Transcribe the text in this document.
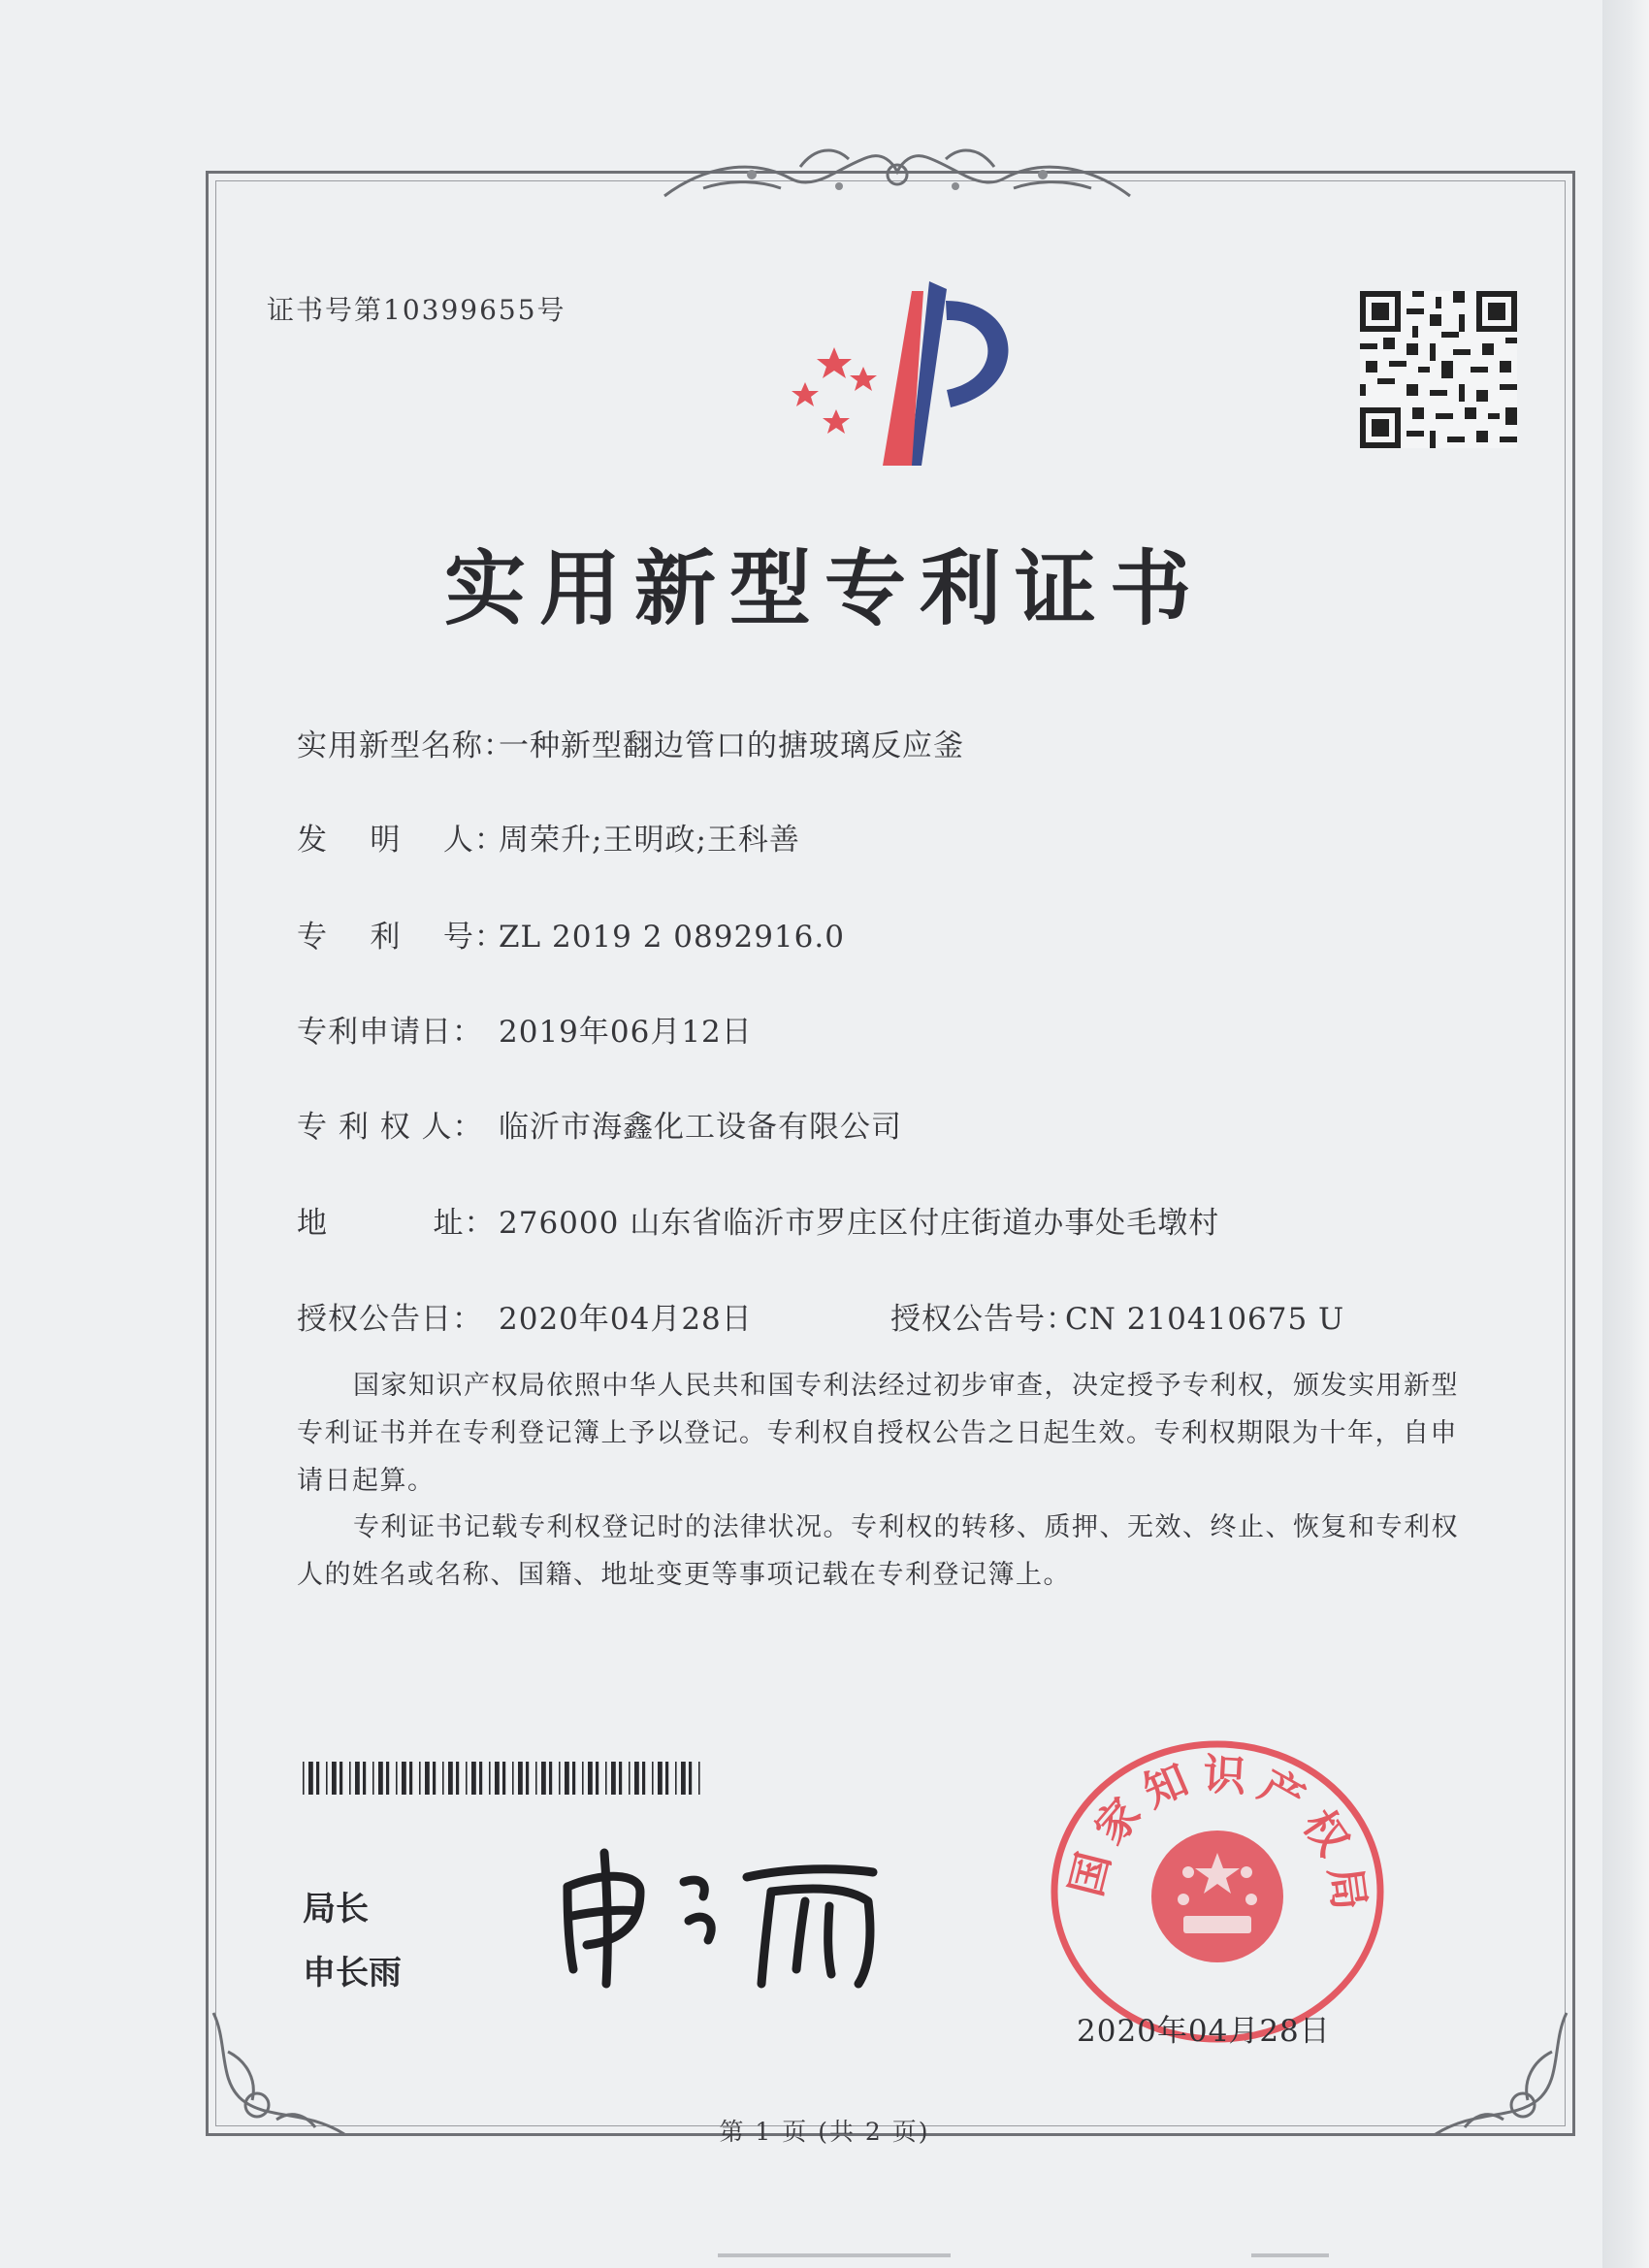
证书号第10399655号
实用新型专利证书
实用新型名称：一种新型翻边管口的搪玻璃反应釜
发    明    人：周荣升;王明政;王科善
专    利    号：ZL 2019 2 0892916.0
专利申请日： 2019年06月12日
专 利 权 人： 临沂市海鑫化工设备有限公司
地          址： 276000 山东省临沂市罗庄区付庄街道办事处毛墩村
授权公告日： 2020年04月28日	授权公告号：CN 210410675 U
国家知识产权局依照中华人民共和国专利法经过初步审查，决定授予专利权，颁发实用新型专利证书并在专利登记簿上予以登记。专利权自授权公告之日起生效。专利权期限为十年，自申请日起算。
专利证书记载专利权登记时的法律状况。专利权的转移、质押、无效、终止、恢复和专利权人的姓名或名称、国籍、地址变更等事项记载在专利登记簿上。
局长
申长雨
国家知识产权局
2020年04月28日
第 1 页 (共 2 页)
